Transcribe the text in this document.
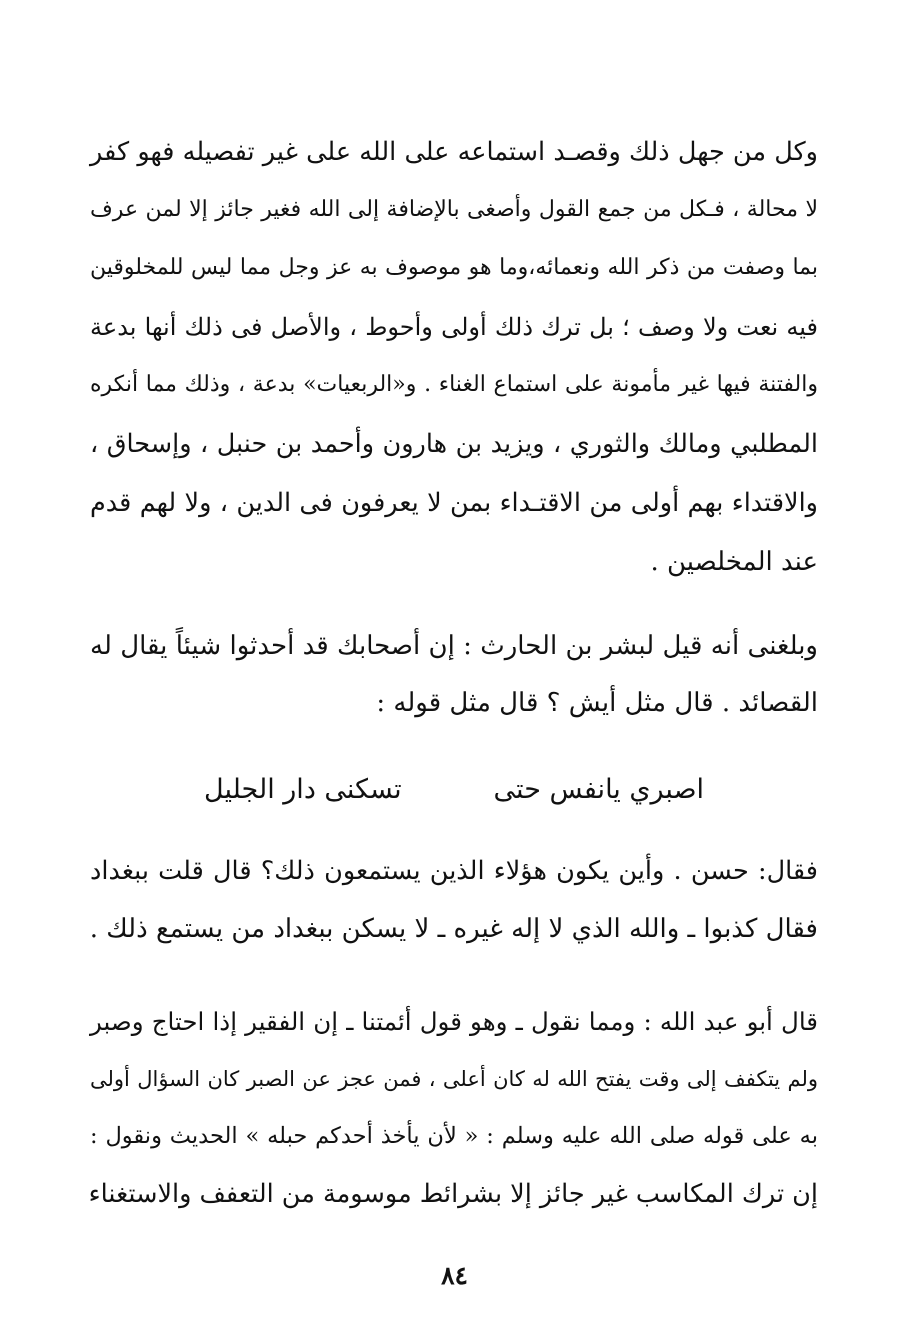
وكل من جهل ذلك وقصـد استماعه على الله على غير تفصيله فهو كفر
لا محالة ، فـكل من جمع القول وأصغى بالإضافة إلى الله فغير جائز إلا لمن عرف
بما وصفت من ذكر الله ونعمائه،وما هو موصوف به عز وجل مما ليس للمخلوقين
فيه نعت ولا وصف ؛ بل ترك ذلك أولى وأحوط ، والأصل فى ذلك أنها بدعة
والفتنة فيها غير مأمونة على استماع الغناء . و«الربعيات» بدعة ، وذلك مما أنكره
المطلبي ومالك والثوري ، ويزيد بن هارون وأحمد بن حنبل ، وإسحاق ،
والاقتداء بهم أولى من الاقتـداء بمن لا يعرفون فى الدين ، ولا لهم قدم
عند المخلصين .
وبلغنى أنه قيل لبشر بن الحارث : إن أصحابك قد أحدثوا شيئاً يقال له
القصائد . قال مثل أيش ؟ قال مثل قوله :
اصبري يانفس حتى
تسكنى دار الجليل
فقال: حسن . وأين يكون هؤلاء الذين يستمعون ذلك؟ قال قلت ببغداد
فقال كذبوا ـ والله الذي لا إله غيره ـ لا يسكن ببغداد من يستمع ذلك .
قال أبو عبد الله : ومما نقول ـ وهو قول أئمتنا ـ إن الفقير إذا احتاج وصبر
ولم يتكفف إلى وقت يفتح الله له كان أعلى ، فمن عجز عن الصبر كان السؤال أولى
به على قوله صلى الله عليه وسلم : « لأن يأخذ أحدكم حبله » الحديث ونقول :
إن ترك المكاسب غير جائز إلا بشرائط موسومة من التعفف والاستغناء
٨٤
